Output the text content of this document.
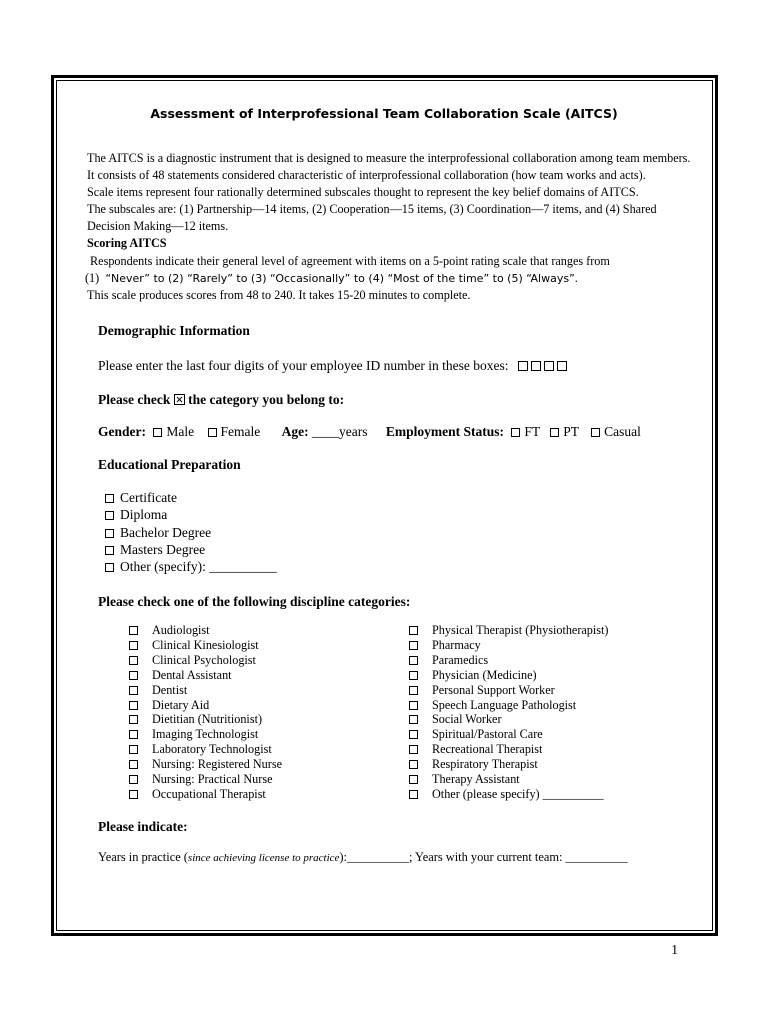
Assessment of Interprofessional Team Collaboration Scale (AITCS)
The AITCS is a diagnostic instrument that is designed to measure the interprofessional collaboration among team members.
It consists of 48 statements considered characteristic of interprofessional collaboration (how team works and acts).
Scale items represent four rationally determined subscales thought to represent the key belief domains of AITCS.
The subscales are: (1) Partnership—14 items, (2) Cooperation—15 items, (3) Coordination—7 items, and (4) Shared
Decision Making—12 items.
Scoring AITCS
Respondents indicate their general level of agreement with items on a 5-point rating scale that ranges from
(1)  “Never” to (2) “Rarely” to (3) “Occasionally” to (4) “Most of the time” to (5) “Always”.
This scale produces scores from 48 to 240. It takes 15-20 minutes to complete.
Demographic Information
Please enter the last four digits of your employee ID number in these boxes:
Please check the category you belong to:
Gender: Male Female Age: ____years Employment Status: FT PT Casual
Educational Preparation
Certificate
Diploma
Bachelor Degree
Masters Degree
Other (specify): __________
Please check one of the following discipline categories:
Audiologist
Clinical Kinesiologist
Clinical Psychologist
Dental Assistant
Dentist
Dietary Aid
Dietitian (Nutritionist)
Imaging Technologist
Laboratory Technologist
Nursing: Registered Nurse
Nursing: Practical Nurse
Occupational Therapist
Physical Therapist (Physiotherapist)
Pharmacy
Paramedics
Physician (Medicine)
Personal Support Worker
Speech Language Pathologist
Social Worker
Spiritual/Pastoral Care
Recreational Therapist
Respiratory Therapist
Therapy Assistant
Other (please specify) __________
Please indicate:
Years in practice (since achieving license to practice):__________; Years with your current team: __________
1
